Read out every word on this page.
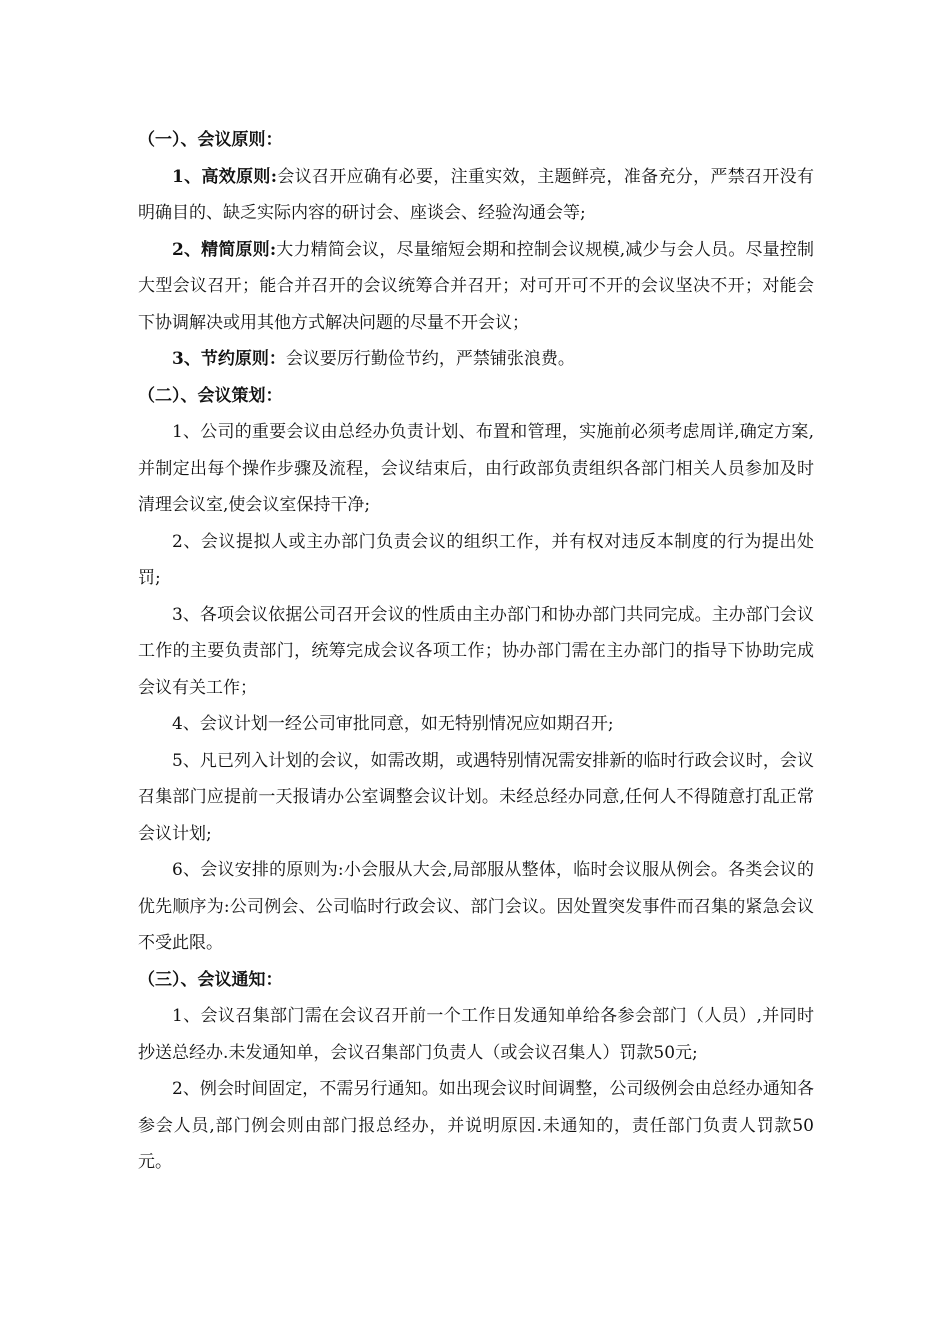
（一）、会议原则：

1、高效原则:会议召开应确有必要，注重实效，主题鲜亮，准备充分，严禁召开没有明确目的、缺乏实际内容的研讨会、座谈会、经验沟通会等;

2、精简原则:大力精简会议，尽量缩短会期和控制会议规模,减少与会人员。尽量控制大型会议召开；能合并召开的会议统筹合并召开；对可开可不开的会议坚决不开；对能会下协调解决或用其他方式解决问题的尽量不开会议；

3、节约原则：会议要厉行勤俭节约，严禁铺张浪费。

（二）、会议策划：

1、公司的重要会议由总经办负责计划、布置和管理，实施前必须考虑周详,确定方案,并制定出每个操作步骤及流程，会议结束后，由行政部负责组织各部门相关人员参加及时清理会议室,使会议室保持干净;

2、会议提拟人或主办部门负责会议的组织工作，并有权对违反本制度的行为提出处罚;

3、各项会议依据公司召开会议的性质由主办部门和协办部门共同完成。主办部门会议工作的主要负责部门，统筹完成会议各项工作；协办部门需在主办部门的指导下协助完成会议有关工作；

4、会议计划一经公司审批同意，如无特别情况应如期召开;

5、凡已列入计划的会议，如需改期，或遇特别情况需安排新的临时行政会议时，会议召集部门应提前一天报请办公室调整会议计划。未经总经办同意,任何人不得随意打乱正常会议计划;

6、会议安排的原则为:小会服从大会,局部服从整体，临时会议服从例会。各类会议的优先顺序为:公司例会、公司临时行政会议、部门会议。因处置突发事件而召集的紧急会议不受此限。

（三）、会议通知：

1、会议召集部门需在会议召开前一个工作日发通知单给各参会部门（人员）,并同时抄送总经办.未发通知单，会议召集部门负责人（或会议召集人）罚款50元;

2、例会时间固定，不需另行通知。如出现会议时间调整，公司级例会由总经办通知各参会人员,部门例会则由部门报总经办，并说明原因.未通知的，责任部门负责人罚款50元。
